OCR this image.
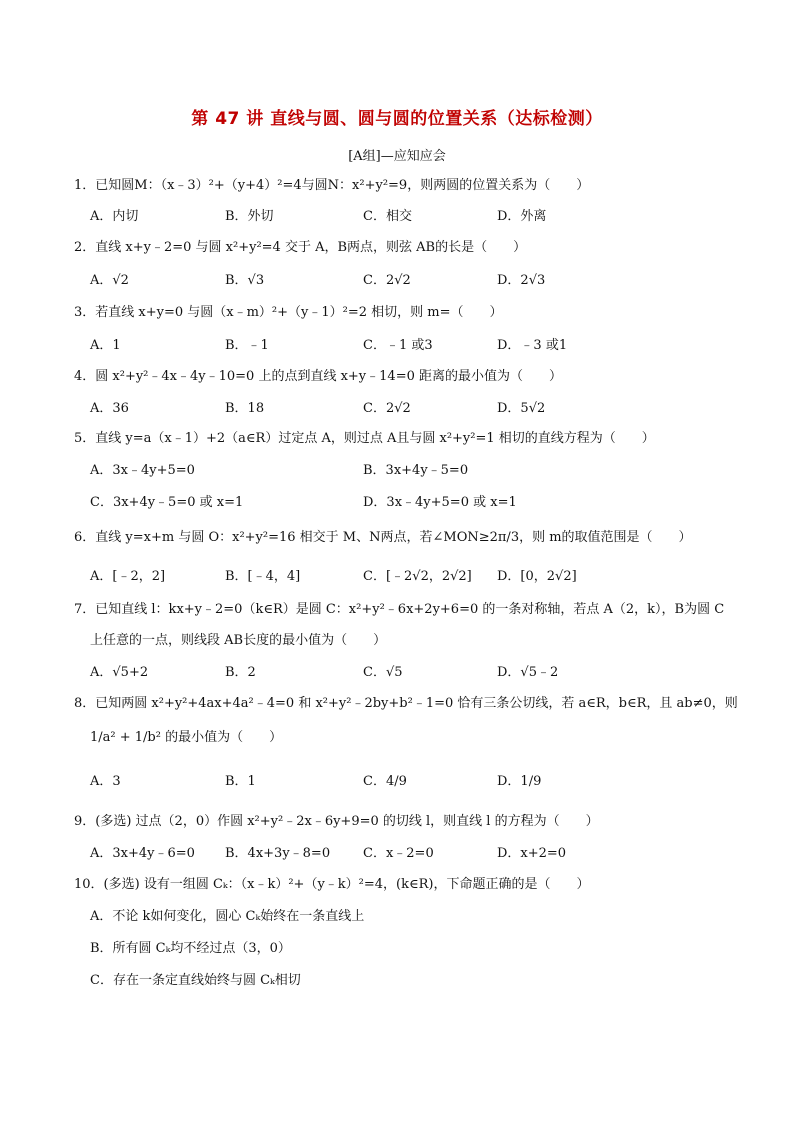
第 47 讲 直线与圆、圆与圆的位置关系（达标检测）
[A组]—应知应会
1．已知圆M：（x﹣3）²+（y+4）²=4与圆N：x²+y²=9，则两圆的位置关系为（　　）
A．内切	B．外切	C．相交	D．外离
2．直线 x+y﹣2=0 与圆 x²+y²=4 交于 A，B两点，则弦 AB的长是（　　）
A．√2	B．√3	C．2√2	D．2√3
3．若直线 x+y=0 与圆（x﹣m）²+（y﹣1）²=2 相切，则 m=（　　）
A．1	B．﹣1	C．﹣1 或3	D．﹣3 或1
4．圆 x²+y²﹣4x﹣4y﹣10=0 上的点到直线 x+y﹣14=0 距离的最小值为（　　）
A．36	B．18	C．2√2	D．5√2
5．直线 y=a（x﹣1）+2（a∈R）过定点 A，则过点 A且与圆 x²+y²=1 相切的直线方程为（　　）
A．3x﹣4y+5=0	B．3x+4y﹣5=0
C．3x+4y﹣5=0 或 x=1	D．3x﹣4y+5=0 或 x=1
6．直线 y=x+m 与圆 O：x²+y²=16 相交于 M、N两点，若∠MON≥2π/3，则 m的取值范围是（　　）
A．[﹣2，2]	B．[﹣4，4]	C．[﹣2√2，2√2] D．[0，2√2]
7．已知直线 l：kx+y﹣2=0（k∈R）是圆 C：x²+y²﹣6x+2y+6=0 的一条对称轴，若点 A（2，k），B为圆 C
上任意的一点，则线段 AB长度的最小值为（　　）
A．√5+2	B．2	C．√5	D．√5﹣2
8．已知两圆 x²+y²+4ax+4a²﹣4=0 和 x²+y²﹣2by+b²﹣1=0 恰有三条公切线，若 a∈R，b∈R，且 ab≠0，则
1/a² + 1/b² 的最小值为（　　）
A．3	B．1	C．4/9	D．1/9
9．(多选) 过点（2，0）作圆 x²+y²﹣2x﹣6y+9=0 的切线 l，则直线 l 的方程为（　　）
A．3x+4y﹣6=0 B．4x+3y﹣8=0	C．x﹣2=0	D．x+2=0
10．(多选) 设有一组圆 Cₖ：（x﹣k）²+（y﹣k）²=4，(k∈R)，下命题正确的是（　　）
A．不论 k如何变化，圆心 Cₖ始终在一条直线上
B．所有圆 Cₖ均不经过点（3，0）
C．存在一条定直线始终与圆 Cₖ相切
